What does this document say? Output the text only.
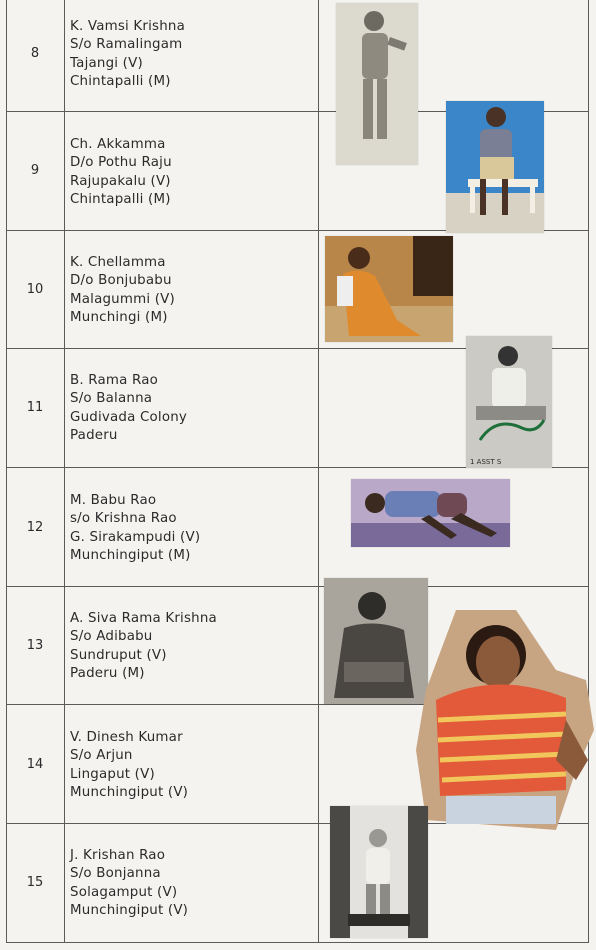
8
K. Vamsi Krishna
S/o Ramalingam
Tajangi (V)
Chintapalli (M)
9
Ch. Akkamma
D/o Pothu Raju
Rajupakalu (V)
Chintapalli (M)
10
K. Chellamma
D/o Bonjubabu
Malagummi (V)
Munchingi (M)
11
B. Rama Rao
S/o Balanna
Gudivada Colony
Paderu
12
M. Babu Rao
s/o Krishna Rao
G. Sirakampudi (V)
Munchingiput (M)
13
A. Siva Rama Krishna
S/o Adibabu
Sundruput (V)
Paderu (M)
14
V. Dinesh Kumar
S/o Arjun
Lingaput (V)
Munchingiput (V)
15
J. Krishan Rao
S/o Bonjanna
Solagamput (V)
Munchingiput (V)
1 ASST S
